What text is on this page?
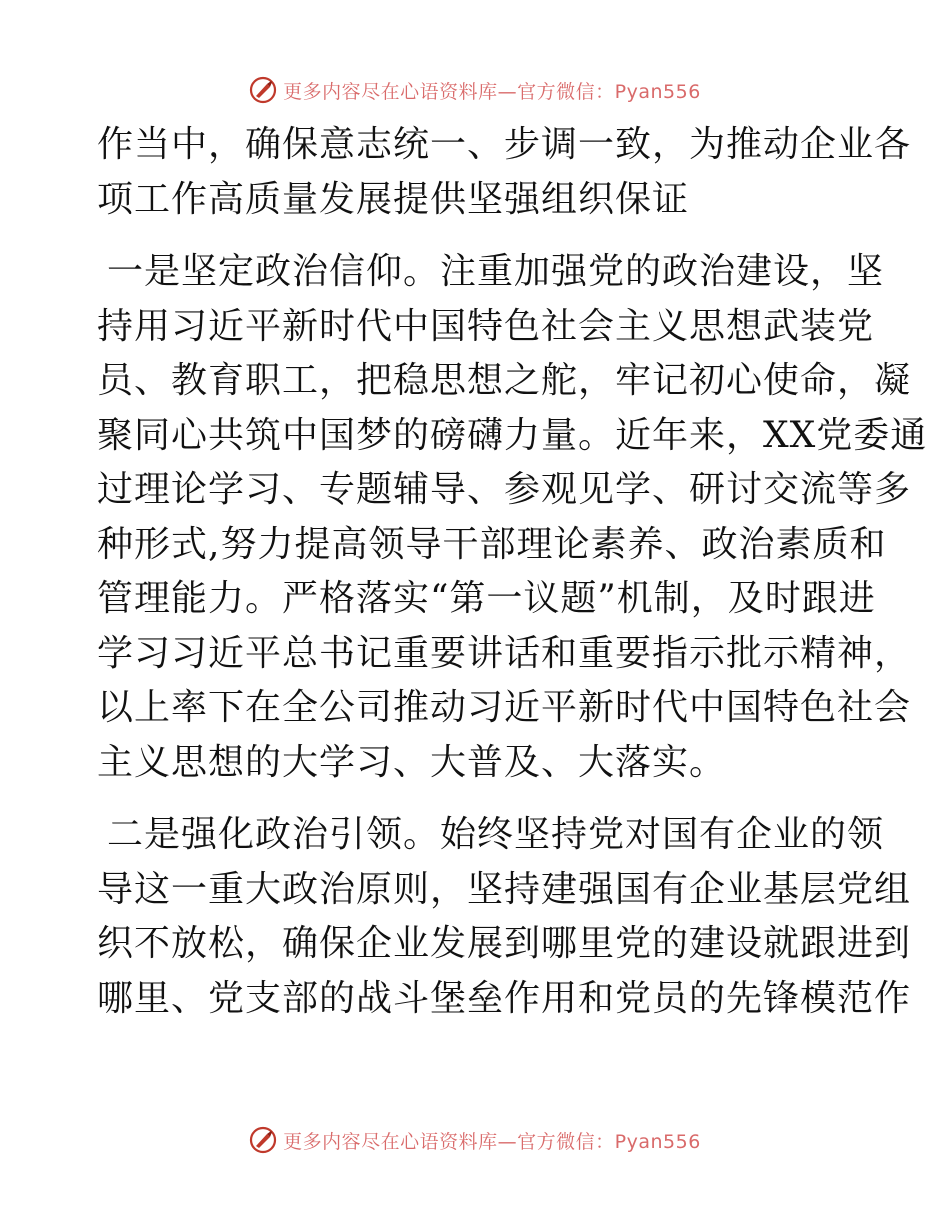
更多内容尽在心语资料库—官方微信：Pyan556

作当中，确保意志统一、步调一致，为推动企业各

项工作高质量发展提供坚强组织保证

一是坚定政治信仰。注重加强党的政治建设，坚

持用习近平新时代中国特色社会主义思想武装党

员、教育职工，把稳思想之舵，牢记初心使命，凝

聚同心共筑中国梦的磅礴力量。近年来，XX党委通

过理论学习、专题辅导、参观见学、研讨交流等多

种形式,努力提高领导干部理论素养、政治素质和

管理能力。严格落实“第一议题”机制，及时跟进

学习习近平总书记重要讲话和重要指示批示精神，

以上率下在全公司推动习近平新时代中国特色社会

主义思想的大学习、大普及、大落实。

二是强化政治引领。始终坚持党对国有企业的领

导这一重大政治原则，坚持建强国有企业基层党组

织不放松，确保企业发展到哪里党的建设就跟进到

哪里、党支部的战斗堡垒作用和党员的先锋模范作

更多内容尽在心语资料库—官方微信：Pyan556
